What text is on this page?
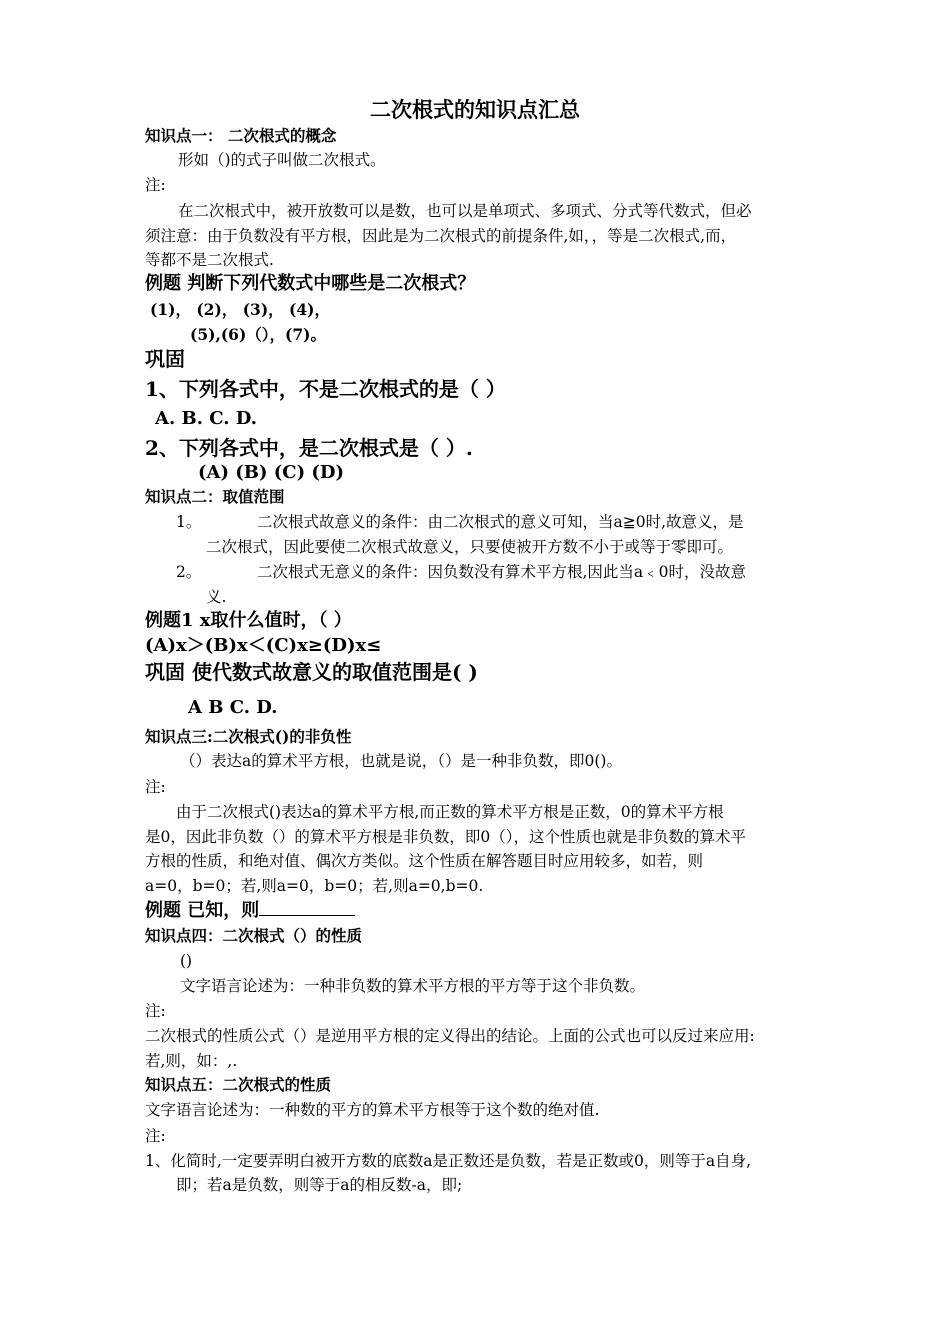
二次根式的知识点汇总
知识点一： 二次根式的概念
形如（)的式子叫做二次根式。
注:
在二次根式中，被开放数可以是数，也可以是单项式、多项式、分式等代数式，但必
须注意：由于负数没有平方根，因此是为二次根式的前提条件,如，，等是二次根式,而，
等都不是二次根式.
例题 判断下列代数式中哪些是二次根式？
(1)， (2)， (3)， (4)，
(5),(6)（），(7)。
巩固
1、下列各式中，不是二次根式的是（ ）
A. B. C. D.
2、下列各式中，是二次根式是（ ）.
(A) (B) (C) (D)
知识点二：取值范围
1。	二次根式故意义的条件：由二次根式的意义可知，当a≧0时,故意义，是
二次根式，因此要使二次根式故意义，只要使被开方数不小于或等于零即可。
2。	二次根式无意义的条件：因负数没有算术平方根,因此当a﹤0时，没故意
义.
例题1 x取什么值时，（ ）
(A)x＞(B)x＜(C)x≥(D)x≤
巩固 使代数式故意义的取值范围是( )
A B C. D.
知识点三:二次根式()的非负性
（）表达a的算术平方根，也就是说，（）是一种非负数，即0()。
注:
由于二次根式()表达a的算术平方根,而正数的算术平方根是正数，0的算术平方根
是0，因此非负数（）的算术平方根是非负数，即0（），这个性质也就是非负数的算术平
方根的性质，和绝对值、偶次方类似。这个性质在解答题目时应用较多，如若，则
a=0，b=0；若,则a=0，b=0；若,则a=0,b=0.
例题 已知，则
知识点四：二次根式（）的性质
()
文字语言论述为：一种非负数的算术平方根的平方等于这个非负数。
注:
二次根式的性质公式（）是逆用平方根的定义得出的结论。上面的公式也可以反过来应用:
若,则，如：,.
知识点五：二次根式的性质
文字语言论述为：一种数的平方的算术平方根等于这个数的绝对值.
注:
1、化简时,一定要弄明白被开方数的底数a是正数还是负数，若是正数或0，则等于a自身,
即；若a是负数，则等于a的相反数-a，即;
